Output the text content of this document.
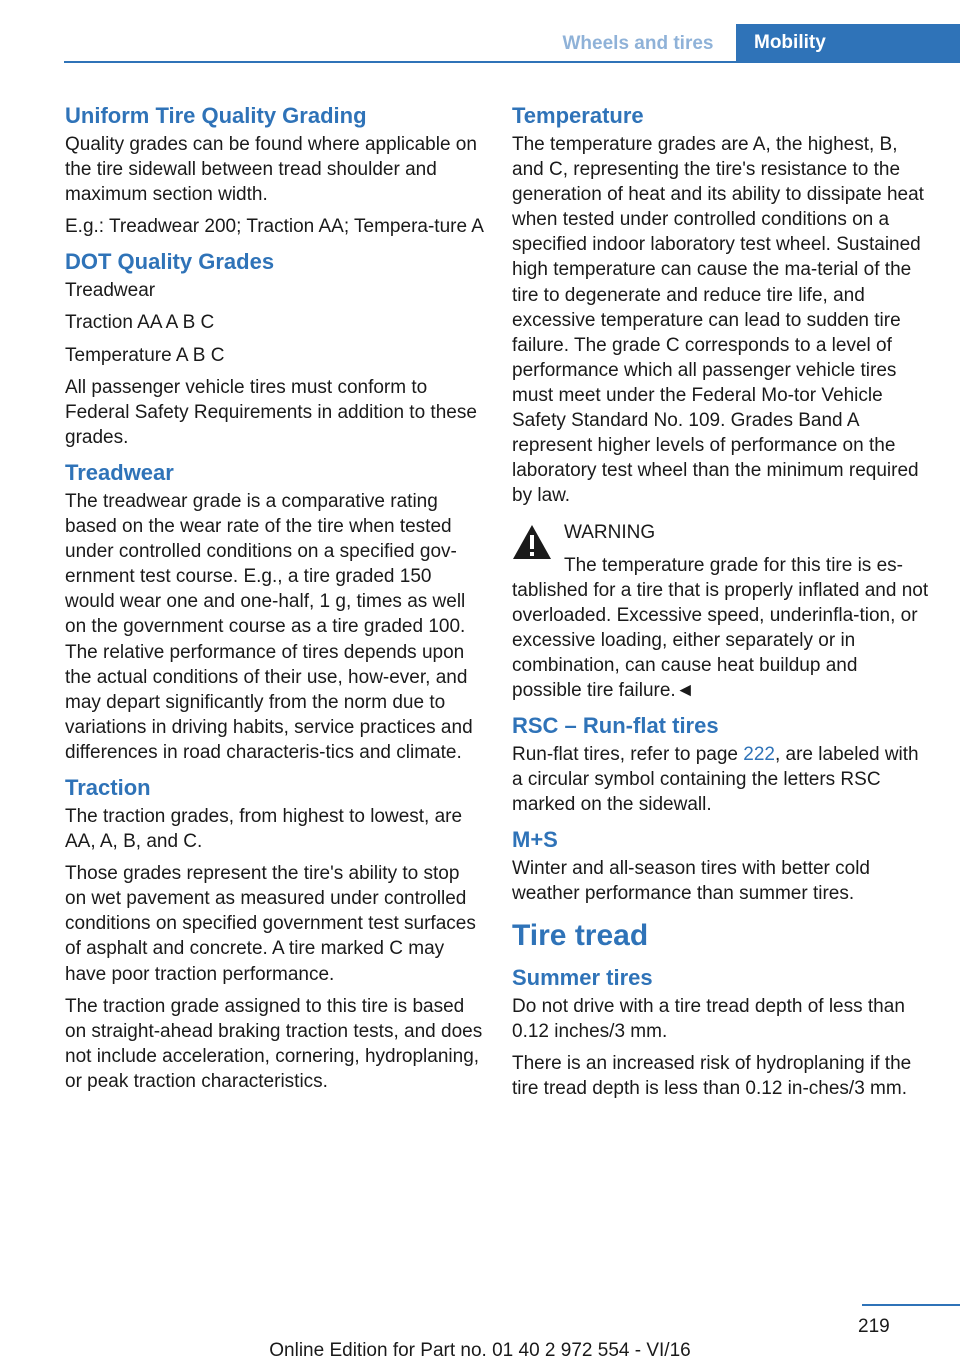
Wheels and tires	Mobility
Uniform Tire Quality Grading

Quality grades can be found where applicable on the tire sidewall between tread shoulder and maximum section width.

E.g.: Treadwear 200; Traction AA; Tempera‐ture A

DOT Quality Grades

Treadwear

Traction AA A B C

Temperature A B C

All passenger vehicle tires must conform to Federal Safety Requirements in addition to these grades.

Treadwear

The treadwear grade is a comparative rating based on the wear rate of the tire when tested under controlled conditions on a specified gov‐ernment test course. E.g., a tire graded 150 would wear one and one-half, 1 g, times as well on the government course as a tire graded 100. The relative performance of tires depends upon the actual conditions of their use, how‐ever, and may depart significantly from the norm due to variations in driving habits, service practices and differences in road characteris‐tics and climate.

Traction

The traction grades, from highest to lowest, are AA, A, B, and C.

Those grades represent the tire's ability to stop on wet pavement as measured under controlled conditions on specified government test surfaces of asphalt and concrete. A tire marked C may have poor traction performance.

The traction grade assigned to this tire is based on straight-ahead braking traction tests, and does not include acceleration, cornering, hydroplaning, or peak traction characteristics.

Temperature

The temperature grades are A, the highest, B, and C, representing the tire's resistance to the generation of heat and its ability to dissipate heat when tested under controlled conditions on a specified indoor laboratory test wheel. Sustained high temperature can cause the ma‐terial of the tire to degenerate and reduce tire life, and excessive temperature can lead to sudden tire failure. The grade C corresponds to a level of performance which all passenger vehicle tires must meet under the Federal Mo‐tor Vehicle Safety Standard No. 109. Grades Band A represent higher levels of performance on the laboratory test wheel than the minimum required by law.

WARNING

The temperature grade for this tire is es‐

tablished for a tire that is properly inflated and not overloaded. Excessive speed, underinfla‐tion, or excessive loading, either separately or in combination, can cause heat buildup and possible tire failure.◄

RSC – Run-flat tires

Run-flat tires, refer to page 222, are labeled with a circular symbol containing the letters RSC marked on the sidewall.

M+S

Winter and all-season tires with better cold weather performance than summer tires.

Tire tread
Summer tires

Do not drive with a tire tread depth of less than 0.12 inches/3 mm.

There is an increased risk of hydroplaning if the tire tread depth is less than 0.12 in‐ches/3 mm.

219
Online Edition for Part no. 01 40 2 972 554 - VI/16
